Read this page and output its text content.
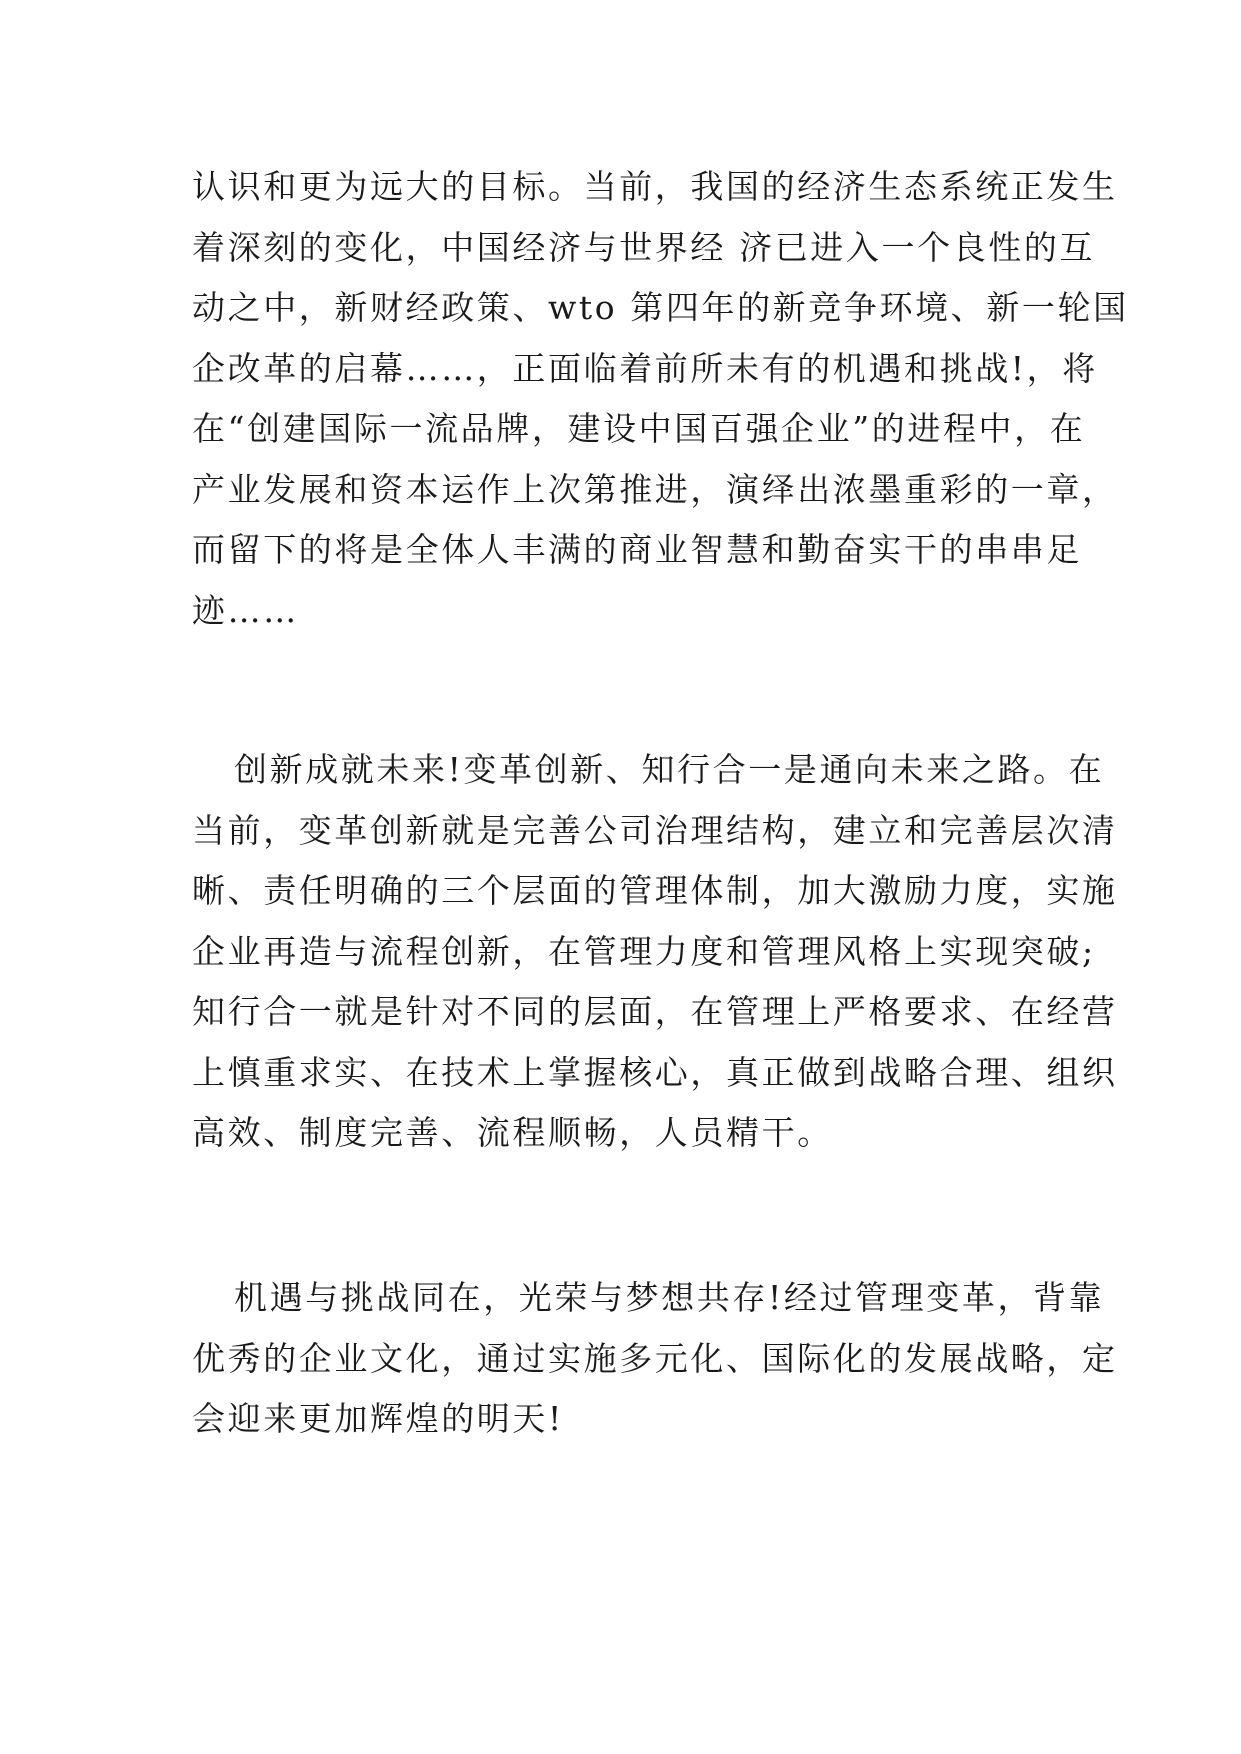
认识和更为远大的目标。当前，我国的经济生态系统正发生
着深刻的变化，中国经济与世界经 济已进入一个良性的互
动之中，新财经政策、wto 第四年的新竞争环境、新一轮国
企改革的启幕……，正面临着前所未有的机遇和挑战!，将
在“创建国际一流品牌，建设中国百强企业”的进程中，在
产业发展和资本运作上次第推进，演绎出浓墨重彩的一章，
而留下的将是全体人丰满的商业智慧和勤奋实干的串串足
迹……
创新成就未来!变革创新、知行合一是通向未来之路。在
当前，变革创新就是完善公司治理结构，建立和完善层次清
晰、责任明确的三个层面的管理体制，加大激励力度，实施
企业再造与流程创新，在管理力度和管理风格上实现突破;
知行合一就是针对不同的层面，在管理上严格要求、在经营
上慎重求实、在技术上掌握核心，真正做到战略合理、组织
高效、制度完善、流程顺畅，人员精干。
机遇与挑战同在，光荣与梦想共存!经过管理变革，背靠
优秀的企业文化，通过实施多元化、国际化的发展战略，定
会迎来更加辉煌的明天!
